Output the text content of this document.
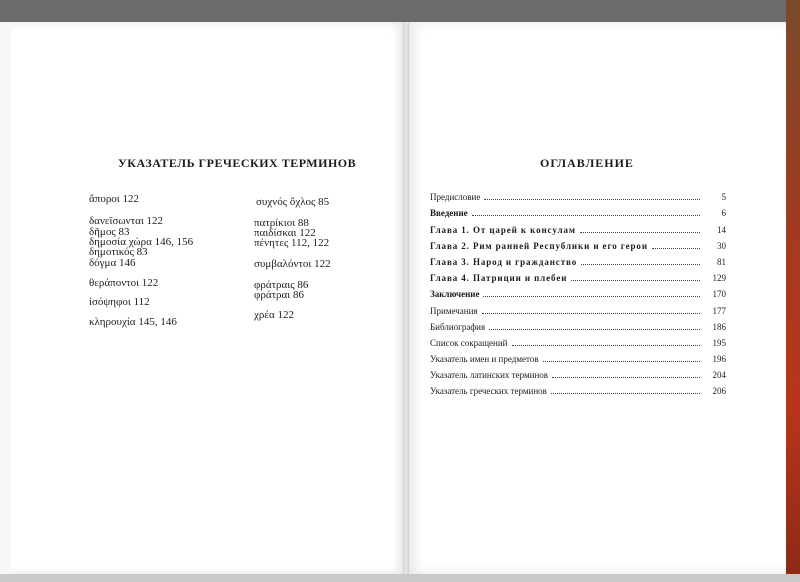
УКАЗАТЕЛЬ ГРЕЧЕСКИХ ТЕРМИНОВ
ἄποροι 122
δανεῖσωνται 122
δῆμος 83
δημοσία χώρα 146, 156
δημοτικός 83
δόγμα 146
θεράποντοι 122
ἰσόψηφοι 112
κληρουχία 145, 146
συχνός ὄχλος 85
πατρίκιοι 88
παιδίσκαι 122
πένητες 112, 122
συμβαλόντοι 122
φράτραις 86
φράτραι 86
χρέα 122
ОГЛАВЛЕНИЕ
Предисловие	5
Введение	6
Глава 1. От царей к консулам	14
Глава 2. Рим ранней Республики и его герои	30
Глава 3. Народ и гражданство	81
Глава 4. Патриции и плебеи	129
Заключение	170
Примечания	177
Библиография	186
Список сокращений	195
Указатель имен и предметов	196
Указатель латинских терминов	204
Указатель греческих терминов	206
